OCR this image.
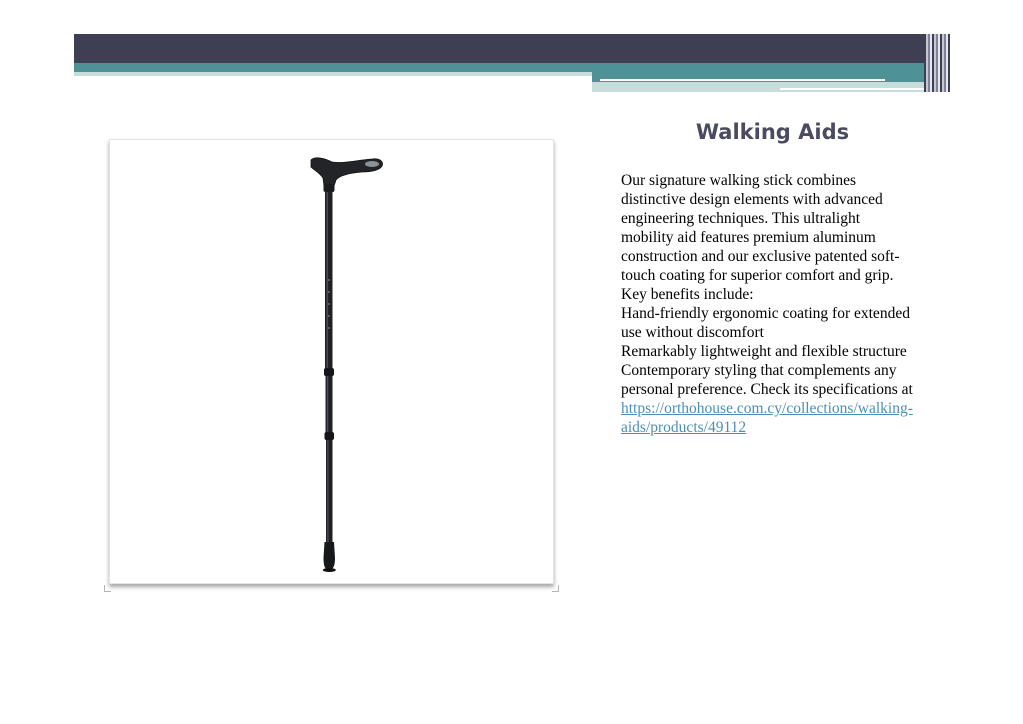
Walking Aids

Our signature walking stick combines distinctive design elements with advanced engineering techniques. This ultralight mobility aid features premium aluminum construction and our exclusive patented soft-touch coating for superior comfort and grip.

Key benefits include:

Hand-friendly ergonomic coating for extended use without discomfort

Remarkably lightweight and flexible structure

Contemporary styling that complements any personal preference. Check its specifications at https://orthohouse.com.cy/collections/walking-aids/products/49112
